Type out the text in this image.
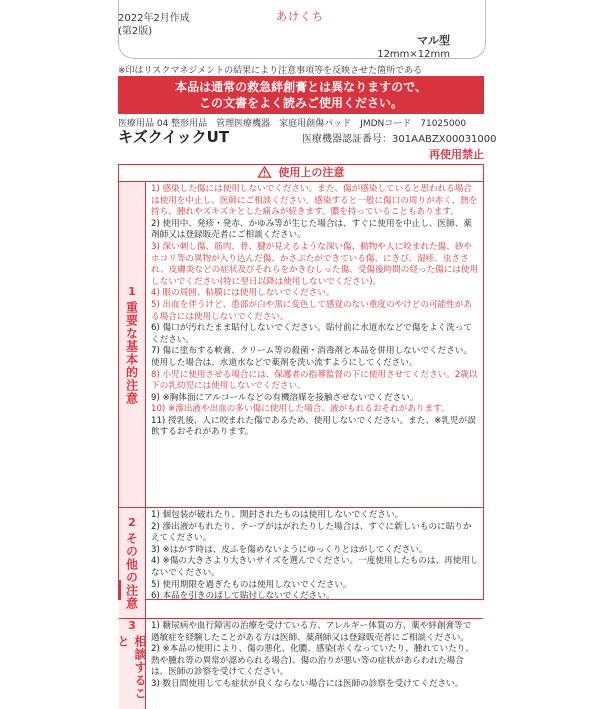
2022年2月作成
(第2版)
あけくち
マル型
12mm×12mm
※印はリスクマネジメントの結果により注意事項等を反映させた箇所である
本品は通常の救急絆創膏とは異なりますので、
この文書をよく読みご使用ください。
医療用品 04 整形用品　管理医療機器　家庭用創傷パッド　JMDNコード　71025000
キズクイックUT	医療機器認証番号：301AABZX00031000
再使用禁止
使用上の注意
1
重要な基本的注意
1) 感染した傷には使用しないでください。また、傷が感染していると思われる場合は使用を中止し、医師にご相談ください。感染すると一般に傷口の周りが赤く、熱を持ち、腫れやズキズキとした痛みが続きます。膿を持っていることもあります。
2) 使用中、発疹・発赤、かゆみ等が生じた場合は、すぐに使用を中止し、医師、薬剤師又は登録販売者にご相談ください。
3) 深い刺し傷、筋肉、骨、腱が見えるような深い傷、動物や人に咬まれた傷、砂やホコリ等の異物が入り込んだ傷、かさぶたができている傷、にきび、湿疹、虫さされ、皮膚炎などの症状及びそれらをかきむしった傷、受傷後時間の経った傷には使用しないでください(特に翌日以降は使用しないでください)。
4) 眼の周囲、粘膜には使用しないでください。
5) 出血を伴うけど、患部が白や黒に変色して感覚のない重度のやけどの可能性がある場合には使用しないでください。
6) 傷口が汚れたまま貼付しないでください。貼付前に水道水などで傷をよく洗ってください。
7) 傷に塗布する軟膏、クリーム等の殺菌・消毒剤と本品を併用しないでください。使用した場合は、水道水などで薬剤を洗い流すようにしてください。
8) 小児に使用させる場合には、保護者の指導監督の下に使用させてください。2歳以下の乳幼児には使用しないでください。
9) ※胸体面にアルコールなどの有機溶媒を接触させないでください。
10) ※滲出液や出血の多い傷に使用した場合、液がもれるおそれがあります。
11) 授乳後、人に咬まれた傷であるため、使用しないでください。また、※乳児が誤飲するおそれがあります。
2
その他の注意
1) 個包装が破れたり、開封されたものは使用しないでください。
2) 滲出液がもれたり、テープがはがれたりした場合は、すぐに新しいものに貼りかえてください。
3) ※はがす時は、皮ふを傷めないようにゆっくりとはがしてください。
4) ※傷の大きさより大きいサイズを選んでください。一度使用したものは、再使用しないでください。
5) 使用期限を過ぎたものは使用しないでください。
6) 本品を引きのばして貼付しないでください。
3
相談すること
1) 糖尿病や血行障害の治療を受けている方、アレルギー体質の方、薬や絆創膏等で過敏症を経験したことがある方は医師、薬剤師又は登録販売者にご相談ください。
2) ※本品の使用により、傷の悪化、化膿、感染(赤くなっていたり、腫れていたり、熱や腫れ等の異常が認められる場合)、傷の治りが悪い等の症状があらわれた場合は、医師の診察を受けてください。
3) 数日間使用しても症状が良くならない場合には医師の診察を受けてください。
